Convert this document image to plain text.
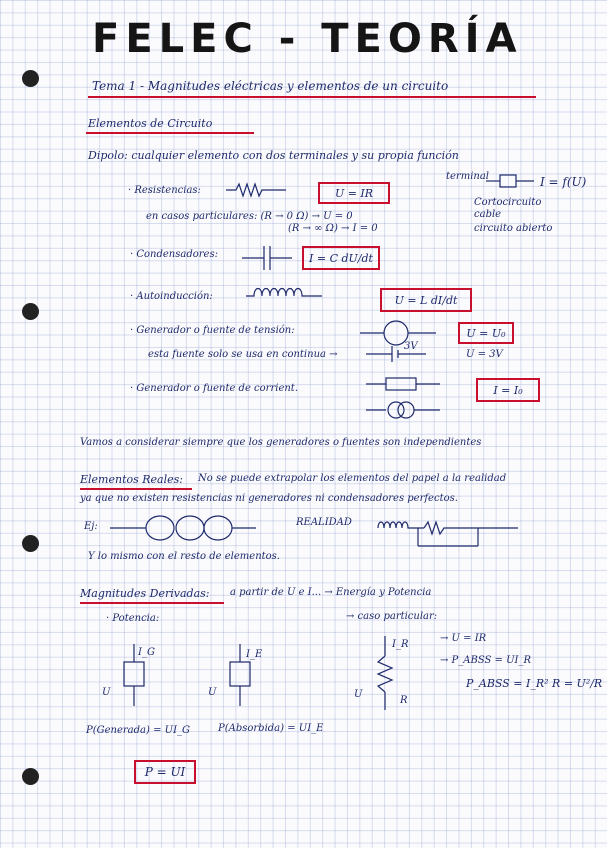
FELEC - TEORÍA
Tema 1 - Magnitudes eléctricas y elementos de un circuito
Elementos de Circuito
Dipolo: cualquier elemento con dos terminales y su propia función
· Resistencias:	U = IR
terminal	I = f(U)
en casos particulares: (R → 0 Ω) → U = 0
(R → ∞ Ω) → I = 0
Cortocircuito
cable
circuito abierto
· Condensadores:	I = C dU/dt
· Autoinducción:	U = L dI/dt
· Generador o fuente de tensión:	U = U₀
esta fuente solo se usa en continua →
3V
U = 3V
· Generador o fuente de corrient.	I = I₀
Vamos a considerar siempre que los generadores o fuentes son independientes
Elementos Reales: No se puede extrapolar los elementos del papel a la realidad
ya que no existen resistencias ni generadores ni condensadores perfectos.
Ej:	REALIDAD
Y lo mismo con el resto de elementos.
Magnitudes Derivadas: a partir de U e I... → Energía y Potencia
· Potencia:	→ caso particular:
I_G
U
I_E
U
I_R
R
U
→ U = IR
→ P_ABSS = UI_R
P_ABSS = I_R² R = U²/R
P(Generada) = UI_G	P(Absorbida) = UI_E
P = UI
